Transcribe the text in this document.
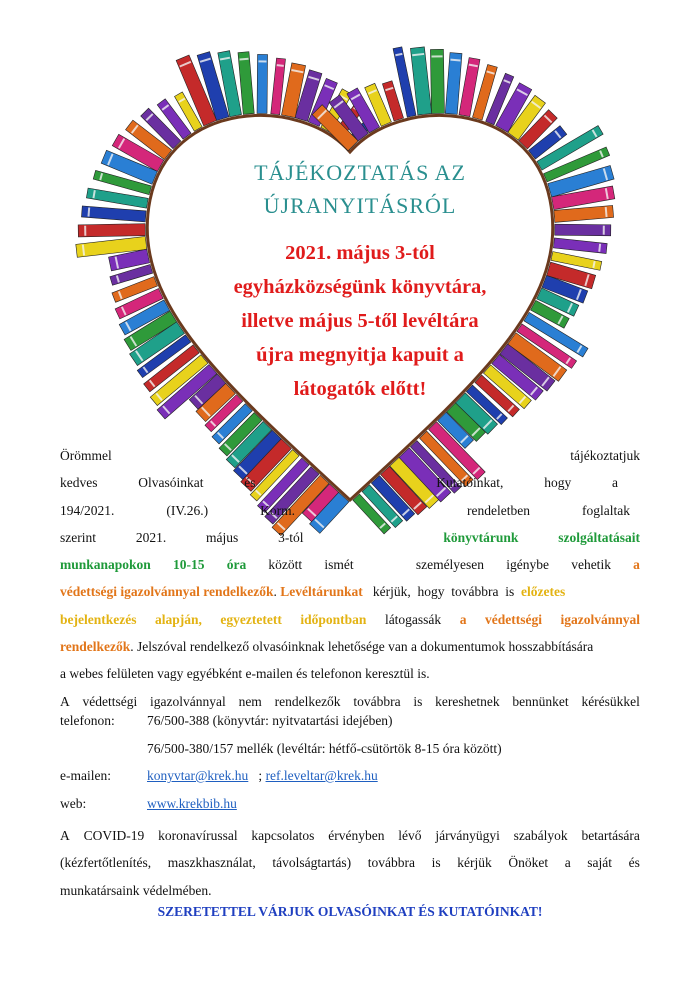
TÁJÉKOZTATÁS AZ
ÚJRANYITÁSRÓL
2021. május 3-tól
egyházközségünk könyvtára,
illetve május 5-től levéltára
újra megnyitja kapuit a
látogatók előtt!
Örömmel	tájékoztatjuk
kedves	Olvasóinkat	és	Kutatóinkat,	hogy	a
194/2021.	(IV.26.)	Korm.	rendeletben	foglaltak
szerint	2021.	május	3-tól	könyvtárunk	szolgáltatásait
munkanapokon 10-15 óra között ismét	személyesen igénybe vehetik a
védettségi igazolvánnyal rendelkezők. Levéltárunkat kérjük, hogy továbbra is előzetes
bejelentkezés alapján, egyeztetett időpontban látogassák a védettségi igazolvánnyal
rendelkezők. Jelszóval rendelkező olvasóinknak lehetősége van a dokumentumok hosszabbítására
a webes felületen vagy egyébként e-mailen és telefonon keresztül is.
A védettségi igazolvánnyal nem rendelkezők továbbra is kereshetnek bennünket kérésükkel
telefonon: 76/500-388 (könyvtár: nyitvatartási idejében)
76/500-380/157 mellék (levéltár: hétfő-csütörtök 8-15 óra között)
e-mailen:	konyvtar@krek.hu ; ref.leveltar@krek.hu
web:	www.krekbib.hu
A COVID-19 koronavírussal kapcsolatos érvényben lévő járványügyi szabályok betartására
(kézfertőtlenítés, maszkhasználat, távolságtartás) továbbra is kérjük Önöket a saját és
munkatársaink védelmében.
SZERETETTEL VÁRJUK OLVASÓINKAT ÉS KUTATÓINKAT!
